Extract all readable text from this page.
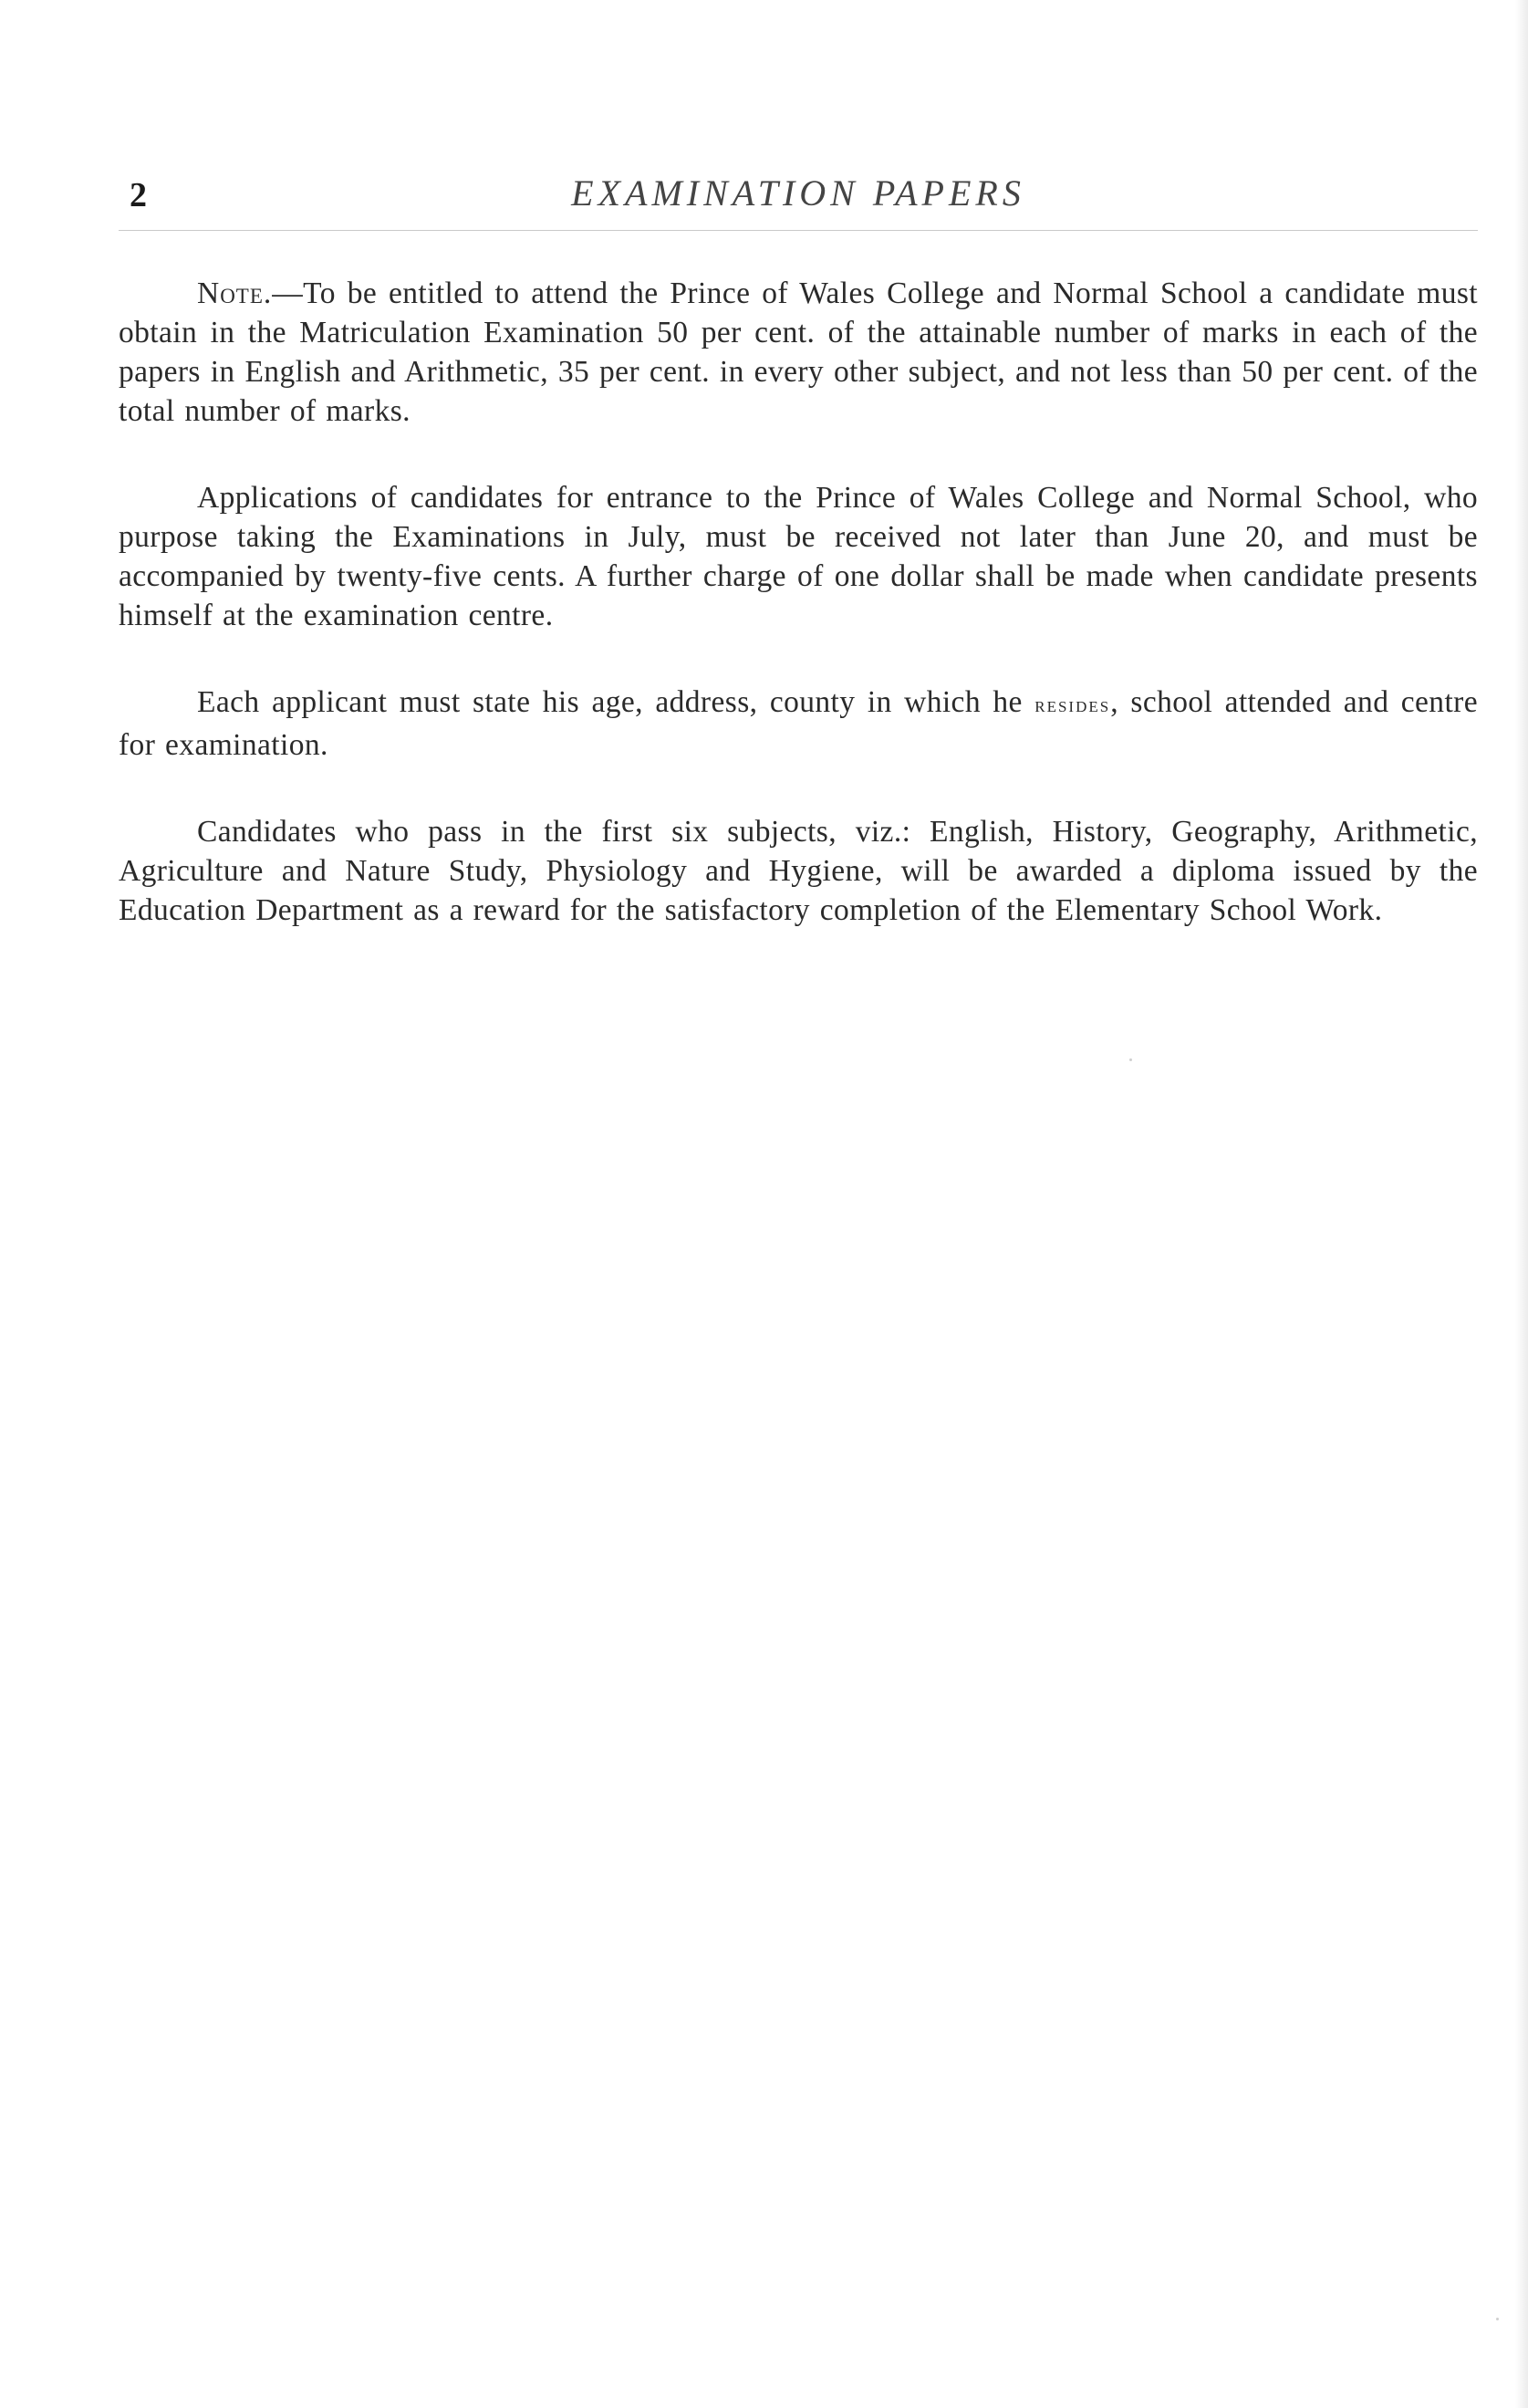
2	EXAMINATION PAPERS

Note.—To be entitled to attend the Prince of Wales College and Normal School a candidate must obtain in the Matriculation Examination 50 per cent. of the attainable number of marks in each of the papers in English and Arithmetic, 35 per cent. in every other subject, and not less than 50 per cent. of the total number of marks.

Applications of candidates for entrance to the Prince of Wales College and Normal School, who purpose taking the Examinations in July, must be received not later than June 20, and must be accompanied by twenty-five cents. A further charge of one dollar shall be made when candidate presents himself at the examination centre.

Each applicant must state his age, address, county in which he resides, school attended and centre for examination.

Candidates who pass in the first six subjects, viz.: English, History, Geography, Arithmetic, Agriculture and Nature Study, Physiology and Hygiene, will be awarded a diploma issued by the Education Department as a reward for the satisfactory completion of the Elementary School Work.
